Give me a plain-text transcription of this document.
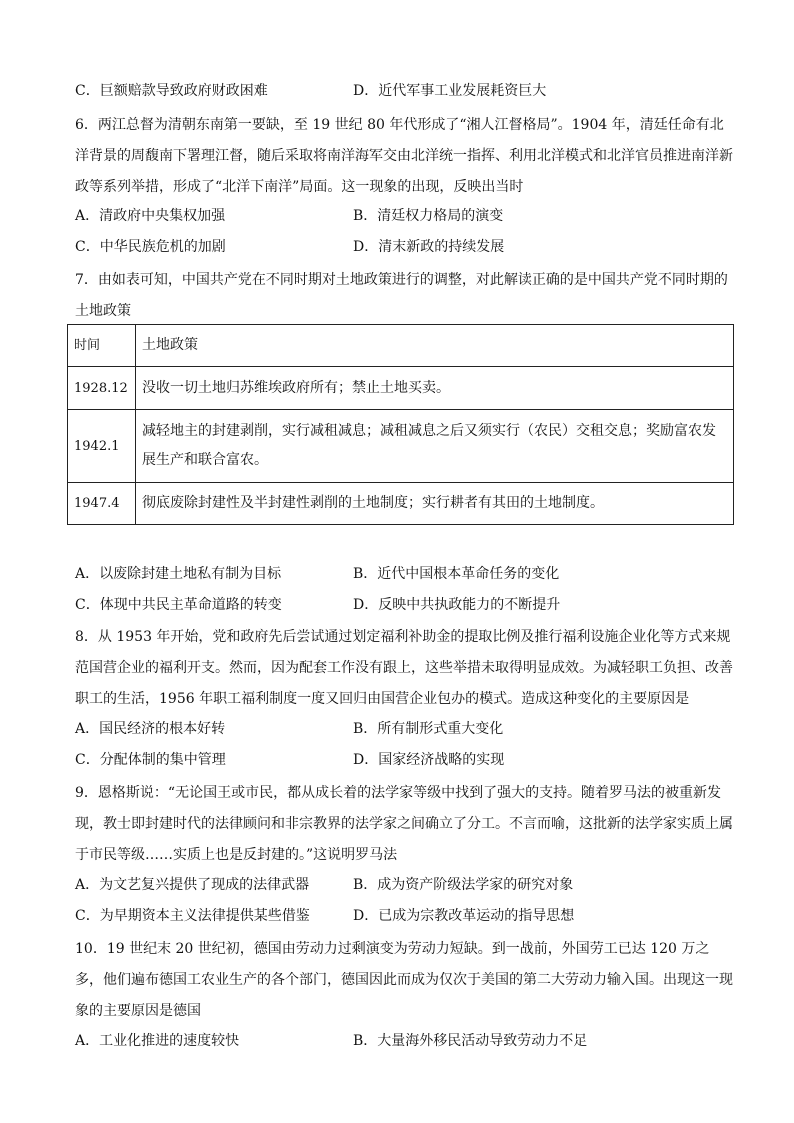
C．巨额赔款导致政府财政困难	D．近代军事工业发展耗资巨大
6．两江总督为清朝东南第一要缺，至 19 世纪 80 年代形成了“湘人江督格局”。1904 年，清廷任命有北洋背景的周馥南下署理江督，随后采取将南洋海军交由北洋统一指挥、利用北洋模式和北洋官员推进南洋新政等系列举措，形成了“北洋下南洋”局面。这一现象的出现，反映出当时
A．清政府中央集权加强	B．清廷权力格局的演变
C．中华民族危机的加剧	D．清末新政的持续发展
7．由如表可知，中国共产党在不同时期对土地政策进行的调整，对此解读正确的是中国共产党不同时期的土地政策
时间	土地政策
1928.12	没收一切土地归苏维埃政府所有；禁止土地买卖。
1942.1	减轻地主的封建剥削，实行减租减息；减租减息之后又须实行（农民）交租交息；奖励富农发展生产和联合富农。
1947.4	彻底废除封建性及半封建性剥削的土地制度；实行耕者有其田的土地制度。
A．以废除封建土地私有制为目标	B．近代中国根本革命任务的变化
C．体现中共民主革命道路的转变	D．反映中共执政能力的不断提升
8．从 1953 年开始，党和政府先后尝试通过划定福利补助金的提取比例及推行福利设施企业化等方式来规范国营企业的福利开支。然而，因为配套工作没有跟上，这些举措未取得明显成效。为减轻职工负担、改善职工的生活，1956 年职工福利制度一度又回归由国营企业包办的模式。造成这种变化的主要原因是
A．国民经济的根本好转	B．所有制形式重大变化
C．分配体制的集中管理	D．国家经济战略的实现
9．恩格斯说：“无论国王或市民，都从成长着的法学家等级中找到了强大的支持。随着罗马法的被重新发现，教士即封建时代的法律顾问和非宗教界的法学家之间确立了分工。不言而喻，这批新的法学家实质上属于市民等级……实质上也是反封建的。”这说明罗马法
A．为文艺复兴提供了现成的法律武器	B．成为资产阶级法学家的研究对象
C．为早期资本主义法律提供某些借鉴	D．已成为宗教改革运动的指导思想
10．19 世纪末 20 世纪初，德国由劳动力过剩演变为劳动力短缺。到一战前，外国劳工已达 120 万之多，他们遍布德国工农业生产的各个部门，德国因此而成为仅次于美国的第二大劳动力输入国。出现这一现象的主要原因是德国
A．工业化推进的速度较快	B．大量海外移民活动导致劳动力不足
